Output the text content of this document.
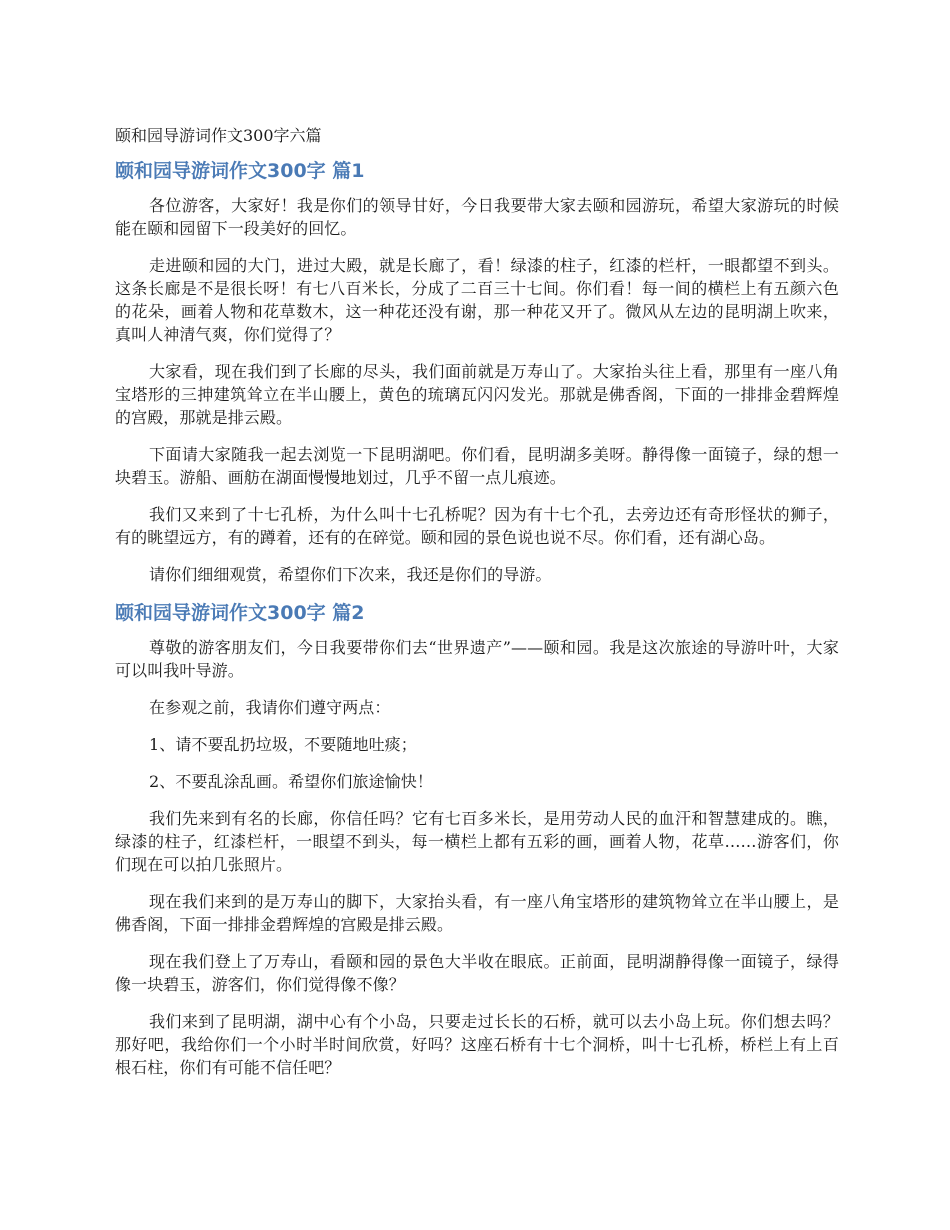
颐和园导游词作文300字六篇
颐和园导游词作文300字 篇1

各位游客，大家好！我是你们的领导甘好，今日我要带大家去颐和园游玩，希望大家游玩的时候能在颐和园留下一段美好的回忆。

走进颐和园的大门，进过大殿，就是长廊了，看！绿漆的柱子，红漆的栏杆，一眼都望不到头。这条长廊是不是很长呀！有七八百米长，分成了二百三十七间。你们看！每一间的横栏上有五颜六色的花朵，画着人物和花草数木，这一种花还没有谢，那一种花又开了。微风从左边的昆明湖上吹来，真叫人神清气爽，你们觉得了？

大家看，现在我们到了长廊的尽头，我们面前就是万寿山了。大家抬头往上看，那里有一座八角宝塔形的三抻建筑耸立在半山腰上，黄色的琉璃瓦闪闪发光。那就是佛香阁，下面的一排排金碧辉煌的宫殿，那就是排云殿。

下面请大家随我一起去浏览一下昆明湖吧。你们看，昆明湖多美呀。静得像一面镜子，绿的想一块碧玉。游船、画舫在湖面慢慢地划过，几乎不留一点儿痕迹。

我们又来到了十七孔桥，为什么叫十七孔桥呢？因为有十七个孔，去旁边还有奇形怪状的狮子，有的眺望远方，有的蹲着，还有的在碎觉。颐和园的景色说也说不尽。你们看，还有湖心岛。

请你们细细观赏，希望你们下次来，我还是你们的导游。

颐和园导游词作文300字 篇2

尊敬的游客朋友们，今日我要带你们去“世界遗产”——颐和园。我是这次旅途的导游叶叶，大家可以叫我叶导游。

在参观之前，我请你们遵守两点：

1、请不要乱扔垃圾，不要随地吐痰；

2、不要乱涂乱画。希望你们旅途愉快！

我们先来到有名的长廊，你信任吗？它有七百多米长，是用劳动人民的血汗和智慧建成的。瞧，绿漆的柱子，红漆栏杆，一眼望不到头，每一横栏上都有五彩的画，画着人物，花草……游客们，你们现在可以拍几张照片。

现在我们来到的是万寿山的脚下，大家抬头看，有一座八角宝塔形的建筑物耸立在半山腰上，是佛香阁，下面一排排金碧辉煌的宫殿是排云殿。

现在我们登上了万寿山，看颐和园的景色大半收在眼底。正前面，昆明湖静得像一面镜子，绿得像一块碧玉，游客们，你们觉得像不像？

我们来到了昆明湖，湖中心有个小岛，只要走过长长的石桥，就可以去小岛上玩。你们想去吗？那好吧，我给你们一个小时半时间欣赏，好吗？这座石桥有十七个洞桥，叫十七孔桥，桥栏上有上百根石柱，你们有可能不信任吧？
